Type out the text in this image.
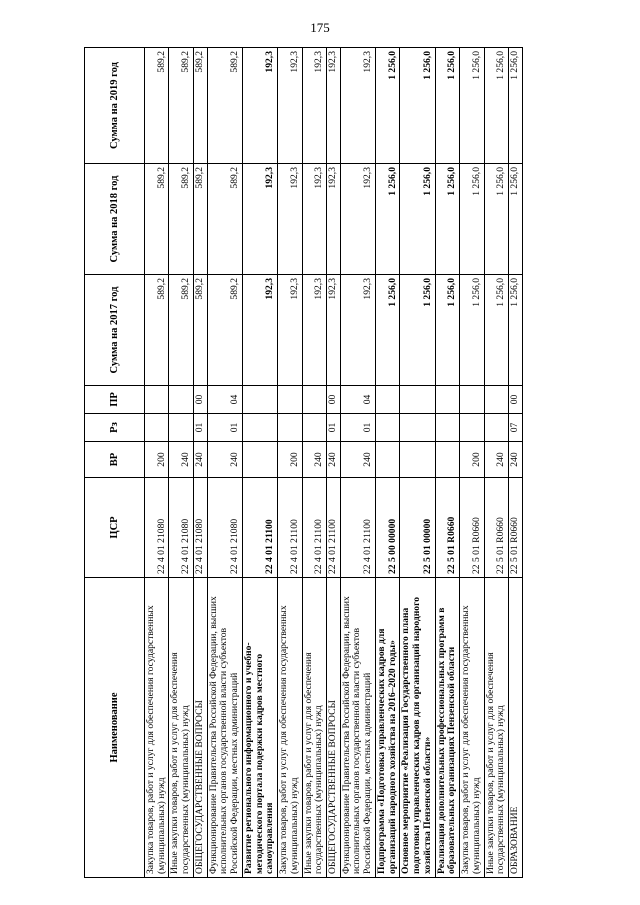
175
Наименование	ЦСР	ВР	Рз	ПР	Сумма на 2017 год	Сумма на 2018 год	Сумма на 2019 год
Закупка товаров, работ и услуг для обеспечения государственных (муниципальных) нужд	22 4 01 21080	200			589,2	589,2	589,2
Иные закупки товаров, работ и услуг для обеспечения государственных (муниципальных) нужд	22 4 01 21080	240			589,2	589,2	589,2
ОБЩЕГОСУДАРСТВЕННЫЕ ВОПРОСЫ	22 4 01 21080	240	01	00	589,2	589,2	589,2
Функционирование Правительства Российской Федерации, высших исполнительных органов государственной власти субъектов Российской Федерации, местных администраций	22 4 01 21080	240	01	04	589,2	589,2	589,2
Развитие регионального информационного и учебно-методического портала подержки кадров местного самоуправления	22 4 01 21100				192,3	192,3	192,3
Закупка товаров, работ и услуг для обеспечения государственных (муниципальных) нужд	22 4 01 21100	200			192,3	192,3	192,3
Иные закупки товаров, работ и услуг для обеспечения государственных (муниципальных) нужд	22 4 01 21100	240			192,3	192,3	192,3
ОБЩЕГОСУДАРСТВЕННЫЕ ВОПРОСЫ	22 4 01 21100	240	01	00	192,3	192,3	192,3
Функционирование Правительства Российской Федерации, высших исполнительных органов государственной власти субъектов Российской Федерации, местных администраций	22 4 01 21100	240	01	04	192,3	192,3	192,3
Подпрограмма «Подготовка управленческих кадров для организаций народного хозяйства на 2016–2020 годы»	22 5 00 00000				1 256,0	1 256,0	1 256,0
Основное мероприятие «Реализация Государственного плана подготовки управленческих кадров для организаций народного хозяйства Пензенской области»	22 5 01 00000				1 256,0	1 256,0	1 256,0
Реализация дополнительных профессиональных программ в образовательных организациях Пензенской области	22 5 01 R0660				1 256,0	1 256,0	1 256,0
Закупка товаров, работ и услуг для обеспечения государственных (муниципальных) нужд	22 5 01 R0660	200			1 256,0	1 256,0	1 256,0
Иные закупки товаров, работ и услуг для обеспечения государственных (муниципальных) нужд	22 5 01 R0660	240			1 256,0	1 256,0	1 256,0
ОБРАЗОВАНИЕ	22 5 01 R0660	240	07	00	1 256,0	1 256,0	1 256,0
